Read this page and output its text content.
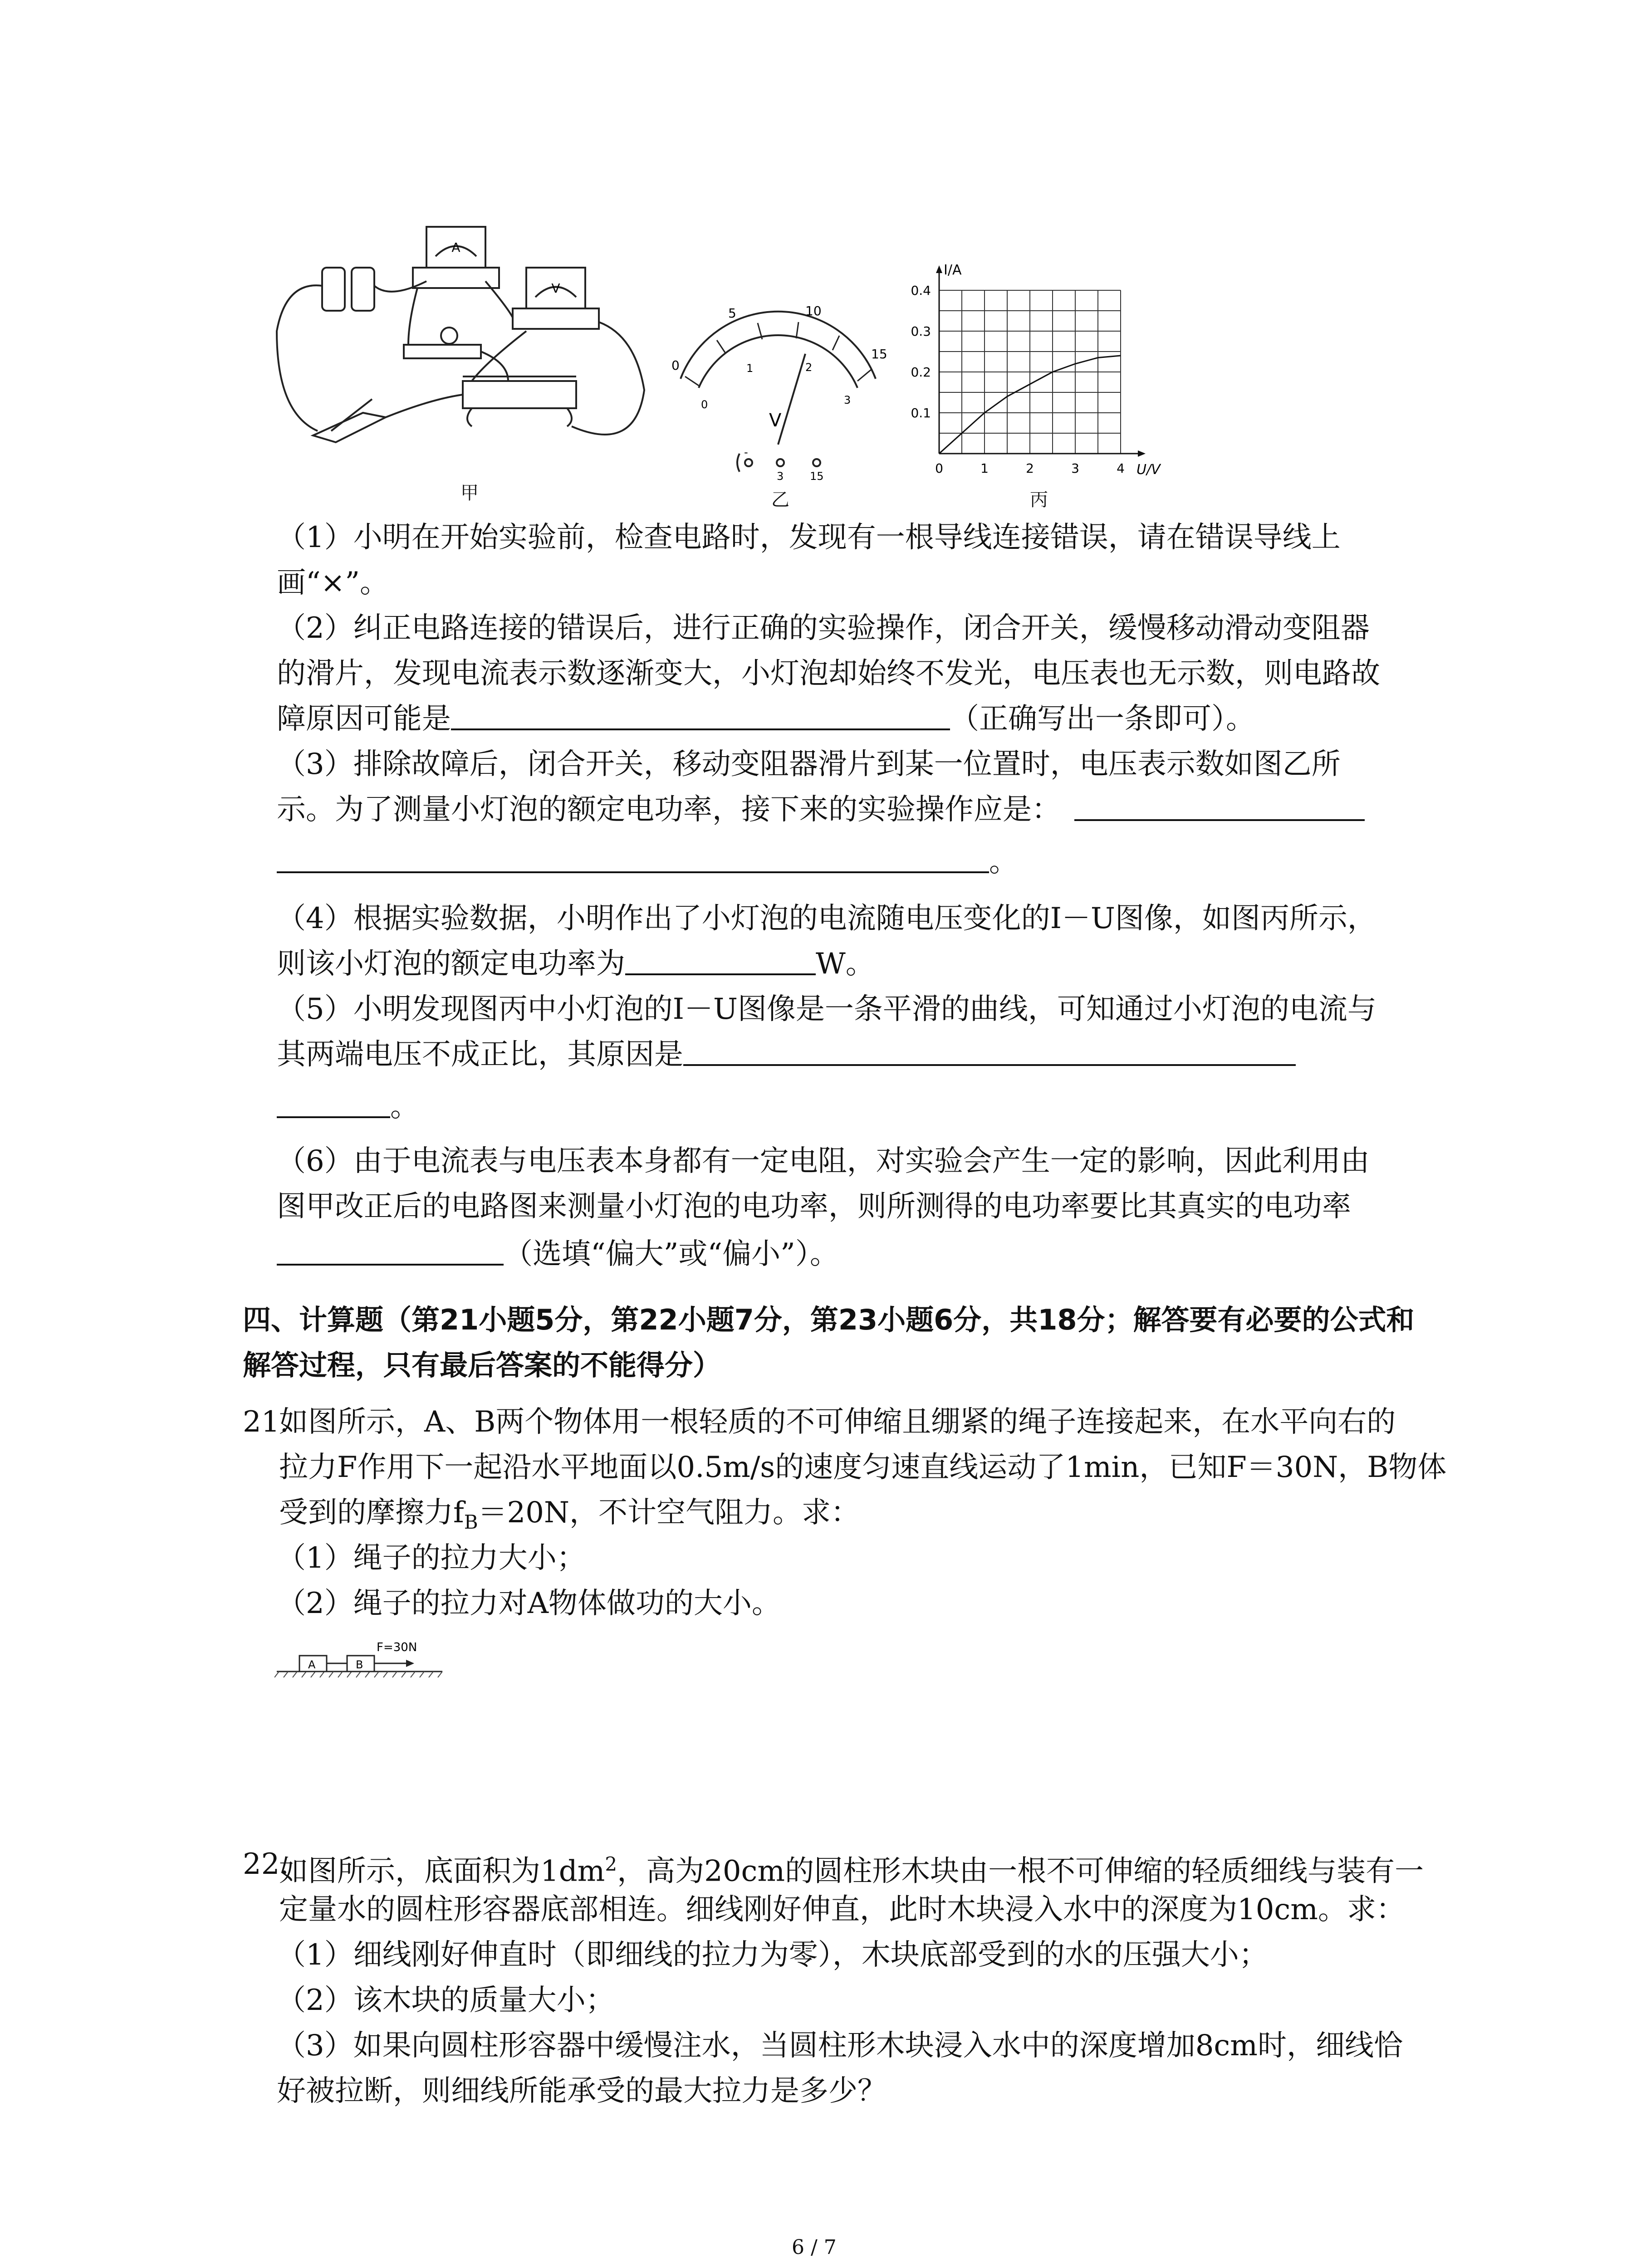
A
V
甲
0
5	10
15
0
1	2
3
V
-
3 15
乙
0	1	2	3	4
0.1
0.2
0.3
0.4
I/A
U/V
丙
（1）小明在开始实验前，检查电路时，发现有一根导线连接错误，请在错误导线上
画“×”。
（2）纠正电路连接的错误后，进行正确的实验操作，闭合开关，缓慢移动滑动变阻器
的滑片，发现电流表示数逐渐变大，小灯泡却始终不发光，电压表也无示数，则电路故
障原因可能是	（正确写出一条即可）。
（3）排除故障后，闭合开关，移动变阻器滑片到某一位置时，电压表示数如图乙所
示。为了测量小灯泡的额定电功率，接下来的实验操作应是：
。
（4）根据实验数据，小明作出了小灯泡的电流随电压变化的I－U图像，如图丙所示，
则该小灯泡的额定电功率为	W。
（5）小明发现图丙中小灯泡的I－U图像是一条平滑的曲线，可知通过小灯泡的电流与
其两端电压不成正比，其原因是
。
（6）由于电流表与电压表本身都有一定电阻，对实验会产生一定的影响，因此利用由
图甲改正后的电路图来测量小灯泡的电功率，则所测得的电功率要比其真实的电功率
（选填“偏大”或“偏小”）。
四、计算题（第21小题5分，第22小题7分，第23小题6分，共18分；解答要有必要的公式和
解答过程，只有最后答案的不能得分）
21.
如图所示，A、B两个物体用一根轻质的不可伸缩且绷紧的绳子连接起来，在水平向右的
拉力F作用下一起沿水平地面以0.5m/s的速度匀速直线运动了1min，已知F＝30N，B物体
受到的摩擦力$f_B=20N$，不计空气阻力。求：
（1）绳子的拉力大小；
（2）绳子的拉力对A物体做功的大小。
A	B
F=30N
22.
如图所示，底面积为$1dm^2$，高为20cm的圆柱形木块由一根不可伸缩的轻质细线与装有一
定量水的圆柱形容器底部相连。细线刚好伸直，此时木块浸入水中的深度为10cm。求：
（1）细线刚好伸直时（即细线的拉力为零），木块底部受到的水的压强大小；
（2）该木块的质量大小；
（3）如果向圆柱形容器中缓慢注水，当圆柱形木块浸入水中的深度增加8cm时，细线恰
好被拉断，则细线所能承受的最大拉力是多少？
6 / 7
